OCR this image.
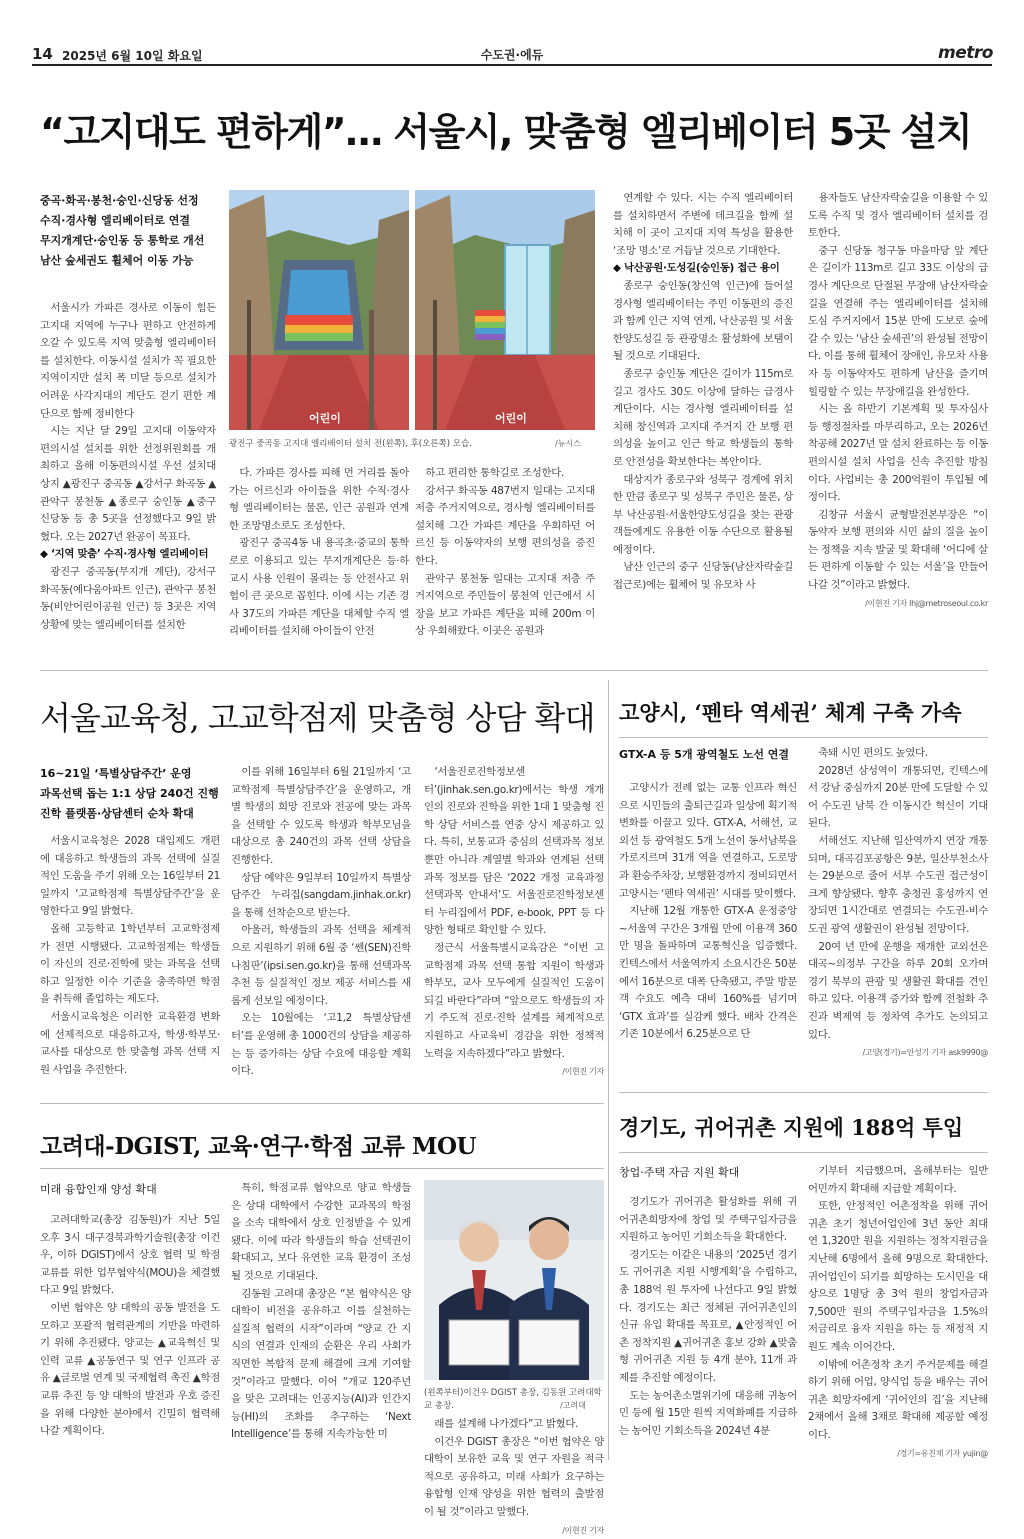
14 2025년 6월 10일 화요일	수도권·에듀	metro
“고지대도 편하게”… 서울시, 맞춤형 엘리베이터 5곳 설치
중곡·화곡·봉천·숭인·신당동 선정
수직·경사형 엘리베이터로 연결
무지개계단·숭인동 등 통학로 개선
남산 숲세권도 휠체어 이동 가능

서울시가 가파른 경사로 이동이 힘든 고지대 지역에 누구나 편하고 안전하게 오갈 수 있도록 지역 맞춤형 엘리베이터를 설치한다. 이동시설 설치가 꼭 필요한 지역이지만 설치 폭 미달 등으로 설치가 어려운 사각지대의 계단도 걷기 편한 계단으로 함께 정비한다

시는 지난 달 29일 고지대 이동약자 편의시설 설치를 위한 선정위원회를 개최하고 올해 이동편의시설 우선 설치대상지 ▲광진구 중곡동 ▲강서구 화곡동 ▲관악구 봉천동 ▲종로구 숭인동 ▲중구 신당동 등 총 5곳을 선정했다고 9일 밝혔다. 오는 2027년 완공이 목표다.

◆ ‘지역 맞춤’ 수직·경사형 엘리베이터

광진구 중곡동(무지개 계단), 강서구 화곡동(예다움아파트 인근), 관악구 봉천동(비안어린이공원 인근) 등 3곳은 지역 상황에 맞는 엘리베이터를 설치한

어린이	어린이
광진구 중곡동 고지대 엘리베이터 설치 전(왼쪽), 후(오른쪽) 모습.	/뉴시스

다. 가파른 경사를 피해 먼 거리를 돌아가는 어르신과 아이들을 위한 수직·경사형 엘리베이터는 물론, 인근 공원과 연계한 조망명소로도 조성한다.

광진구 중곡4동 내 용곡초·중교의 통학로로 이용되고 있는 무지개계단은 등·하교시 사용 인원이 몰리는 등 안전사고 위험이 큰 곳으로 꼽힌다. 이에 시는 기존 경사 37도의 가파른 계단을 대체할 수직 엘리베이터를 설치해 아이들이 안전

하고 편리한 통학길로 조성한다.

강서구 화곡동 487번지 일대는 고지대 저층 주거지역으로, 경사형 엘리베이터를 설치해 그간 가파른 계단을 우회하던 어르신 등 이동약자의 보행 편의성을 증진한다.

관악구 봉천동 일대는 고지대 저층 주거지역으로 주민들이 봉천역 인근에서 시장을 보고 가파른 계단을 피해 200m 이상 우회해왔다. 이곳은 공원과

연계할 수 있다. 시는 수직 엘리베이터를 설치하면서 주변에 데크길을 함께 설치해 이 곳이 고지대 지역 특성을 활용한 ‘조망 명소’로 거듭날 것으로 기대한다.

◆ 낙산공원·도성길(숭인동) 접근 용이

종로구 숭인동(창신역 인근)에 들어설 경사형 엘리베이터는 주민 이동편의 증진과 함께 인근 지역 연계, 낙산공원 및 서울한양도성길 등 관광명소 활성화에 보탬이 될 것으로 기대된다.

종로구 숭인동 계단은 길이가 115m로 길고 경사도 30도 이상에 달하는 급경사 계단이다. 시는 경사형 엘리베이터를 설치해 창신역과 고지대 주거지 간 보행 편의성을 높이고 인근 학교 학생들의 통학로 안전성을 확보한다는 복안이다.

대상지가 종로구와 성북구 경계에 위치한 만큼 종로구 및 성북구 주민은 물론, 상부 낙산공원·서울한양도성길을 찾는 관광객들에게도 유용한 이동 수단으로 활용될 예정이다.

남산 인근의 중구 신당동(남산자락숲길 접근로)에는 휠체어 및 유모차 사

용자들도 남산자락숲길을 이용할 수 있도록 수직 및 경사 엘리베이터 설치를 검토한다.

중구 신당동 청구동 마을마당 앞 계단은 길이가 113m로 길고 33도 이상의 급경사 계단으로 단절된 무장애 남산자락숲길을 연결해 주는 엘리베이터를 설치해 도심 주거지에서 15분 만에 도보로 숲에 갈 수 있는 ‘남산 숲세권’의 완성될 전망이다. 이를 통해 휠체어 장애인, 유모차 사용자 등 이동약자도 편하게 남산을 즐기며 힐링할 수 있는 무장애길을 완성한다.

시는 올 하반기 기본계획 및 투자심사 등 행정절차를 마무리하고, 오는 2026년 착공해 2027년 말 설치 완료하는 등 이동편의시설 설치 사업을 신속 추진할 방침이다. 사업비는 총 200억원이 투입될 예정이다.

김창규 서울시 균형발전본부장은 “이동약자 보행 편의와 시민 삶의 질을 높이는 정책을 지속 발굴 및 확대해 ‘어디에 살든 편하게 이동할 수 있는 서울’을 만들어 나갈 것”이라고 밝혔다.

/이현진 기자 lhj@metroseoul.co.kr

서울교육청, 고교학점제 맞춤형 상담 확대
16~21일 ‘특별상담주간’ 운영
과목선택 돕는 1:1 상담 240건 진행
진학 플랫폼·상담센터 순차 확대

서울시교육청은 2028 대입제도 개편에 대응하고 학생들의 과목 선택에 실질적인 도움을 주기 위해 오는 16일부터 21일까지 ‘고교학점제 특별상담주간’을 운영한다고 9일 밝혔다.

올해 고등학교 1학년부터 고교학점제가 전면 시행됐다. 고교학점제는 학생들이 자신의 진로·진학에 맞는 과목을 선택하고 일정한 이수 기준을 충족하면 학점을 취득해 졸업하는 제도다.

서울시교육청은 이러한 교육환경 변화에 선제적으로 대응하고자, 학생·학부모·교사를 대상으로 한 맞춤형 과목 선택 지원 사업을 추진한다.

이를 위해 16일부터 6월 21일까지 ‘고교학점제 특별상담주간’을 운영하고, 개별 학생의 희망 진로와 전공에 맞는 과목을 선택할 수 있도록 학생과 학부모님을 대상으로 총 240건의 과목 선택 상담을 진행한다.

상담 예약은 9일부터 10일까지 특별상담주간 누리집(sangdam.jinhak.or.kr)을 통해 선착순으로 받는다.

아울러, 학생들의 과목 선택을 체계적으로 지원하기 위해 6월 중 ‘쎈(SEN)진학 나침판’(ipsi.sen.go.kr)을 통해 선택과목 추천 등 실질적인 정보 제공 서비스를 새롭게 선보일 예정이다.

오는 10월에는 ‘고1,2 특별상담센터’를 운영해 총 1000건의 상담을 제공하는 등 증가하는 상담 수요에 대응할 계획이다.

‘서울진로진학정보센터’(jinhak.sen.go.kr)에서는 학생 개개인의 진로와 진학을 위한 1대 1 맞춤형 진학 상담 서비스를 연중 상시 제공하고 있다. 특히, 보통교과 중심의 선택과목 정보뿐만 아니라 계열별 학과와 연계된 선택과목 정보를 담은 ‘2022 개정 교육과정 선택과목 안내서’도 서울진로진학정보센터 누리집에서 PDF, e-book, PPT 등 다양한 형태로 확인할 수 있다.

정근식 서울특별시교육감은 “이번 고교학점제 과목 선택 통합 지원이 학생과 학부모, 교사 모두에게 실질적인 도움이 되길 바란다”라며 “앞으로도 학생들의 자기 주도적 진로·진학 설계를 체계적으로 지원하고 사교육비 경감을 위한 정책적 노력을 지속하겠다”라고 밝혔다.

/이현진 기자

고양시, ‘펜타 역세권’ 체계 구축 가속
GTX-A 등 5개 광역철도 노선 연결

고양시가 전례 없는 교통 인프라 혁신으로 시민들의 출퇴근길과 일상에 획기적 변화를 이끌고 있다. GTX-A, 서해선, 교외선 등 광역철도 5개 노선이 동서남북을 가로지르며 31개 역을 연결하고, 도로망과 환승주차장, 보행환경까지 정비되면서 고양시는 ‘펜타 역세권’ 시대를 맞이했다.

지난해 12월 개통한 GTX-A 운정중앙~서울역 구간은 3개월 만에 이용객 360만 명을 돌파하며 교통혁신을 입증했다. 킨텍스에서 서울역까지 소요시간은 50분에서 16분으로 대폭 단축됐고, 주말 방문객 수요도 예측 대비 160%를 넘기며 ‘GTX 효과’를 실감케 했다. 배차 간격은 기존 10분에서 6.25분으로 단

축돼 시민 편의도 높였다.

2028년 삼성역이 개통되면, 킨텍스에서 강남 중심까지 20분 만에 도달할 수 있어 수도권 남북 간 이동시간 혁신이 기대된다.

서해선도 지난해 일산역까지 연장 개통되며, 대곡김포공항은 9분, 일산부천소사는 29분으로 줄어 서부 수도권 접근성이 크게 향상됐다. 향후 충청권 홍성까지 연장되면 1시간대로 연결되는 수도권-비수도권 광역 생활권이 완성될 전망이다.

20여 년 만에 운행을 재개한 교외선은 대곡~의정부 구간을 하루 20회 오가며 경기 북부의 관광 및 생활권 확대를 견인하고 있다. 이용객 증가와 함께 전철화 추진과 벽제역 등 정차역 추가도 논의되고 있다.

/고양(경기)=안성기 기자 ask9990@

고려대-DGIST, 교육·연구·학점 교류 MOU
미래 융합인재 양성 확대

고려대학교(총장 김동원)가 지난 5일 오후 3시 대구경북과학기술원(총장 이건우, 이하 DGIST)에서 상호 협력 및 학점교류를 위한 업무협약식(MOU)을 체결했다고 9일 밝혔다.

이번 협약은 양 대학의 공동 발전을 도모하고 포괄적 협력관계의 기반을 마련하기 위해 추진됐다. 양교는 ▲교육혁신 및 인력 교류 ▲공동연구 및 연구 인프라 공유 ▲글로벌 연계 및 국제협력 촉진 ▲학점교류 추진 등 양 대학의 발전과 우호 증진을 위해 다양한 분야에서 긴밀히 협력해 나갈 계획이다.

특히, 학점교류 협약으로 양교 학생들은 상대 대학에서 수강한 교과목의 학점을 소속 대학에서 상호 인정받을 수 있게 됐다. 이에 따라 학생들의 학습 선택권이 확대되고, 보다 유연한 교육 환경이 조성될 것으로 기대된다.

김동원 고려대 총장은 “본 협약식은 양 대학이 비전을 공유하고 이를 실천하는 실질적 협력의 시작”이라며 “양교 간 지식의 연결과 인재의 순환은 우리 사회가 직면한 복합적 문제 해결에 크게 기여할 것”이라고 말했다. 이어 “개교 120주년을 맞은 고려대는 인공지능(AI)과 인간지능(HI)의 조화를 추구하는 ‘Next Intelligence’를 통해 지속가능한 미

(왼쪽부터)이건우 DGIST 총장, 김동원 고려대학교 총장.	/고려대

래를 설계해 나가겠다”고 밝혔다.

이건우 DGIST 총장은 “이번 협약은 양 대학이 보유한 교육 및 연구 자원을 적극적으로 공유하고, 미래 사회가 요구하는 융합형 인재 양성을 위한 협력의 출발점이 될 것”이라고 말했다.

/이현진 기자

경기도, 귀어귀촌 지원에 188억 투입
창업·주택 자금 지원 확대

경기도가 귀어귀촌 활성화를 위해 귀어귀촌희망자에 창업 및 주택구입자금을 지원하고 농어민 기회소득을 확대한다.

경기도는 이같은 내용의 ‘2025년 경기도 귀어귀촌 지원 시행계획’을 수립하고, 총 188억 원 투자에 나선다고 9일 밝혔다. 경기도는 최근 정체된 귀어귀촌인의 신규 유입 확대를 목표로, ▲안정적인 어촌 정착지원 ▲귀어귀촌 홍보 강화 ▲맞춤형 귀어귀촌 지원 등 4개 분야, 11개 과제를 추진할 예정이다.

도는 농어촌소멸위기에 대응해 귀농어민 등에 월 15만 원씩 지역화폐를 지급하는 농어민 기회소득을 2024년 4분

기부터 지급했으며, 올해부터는 일반 어민까지 확대해 지급할 계획이다.

또한, 안정적인 어촌정착을 위해 귀어귀촌 초기 청년어업인에 3년 동안 최대 연 1,320만 원을 지원하는 정착지원금을 지난해 6명에서 올해 9명으로 확대한다. 귀어업인이 되기를 희망하는 도시민을 대상으로 1명당 총 3억 원의 창업자금과 7,500만 원의 주택구입자금을 1.5%의 저금리로 융자 지원을 하는 등 재정적 지원도 계속 이어간다.

이밖에 어촌정착 초기 주거문제를 해결하기 위해 어업, 양식업 등을 배우는 귀어귀촌 희망자에게 ‘귀어인의 집’을 지난해 2채에서 올해 3채로 확대해 제공할 예정이다.

/경기=유진채 기자 yujin@
